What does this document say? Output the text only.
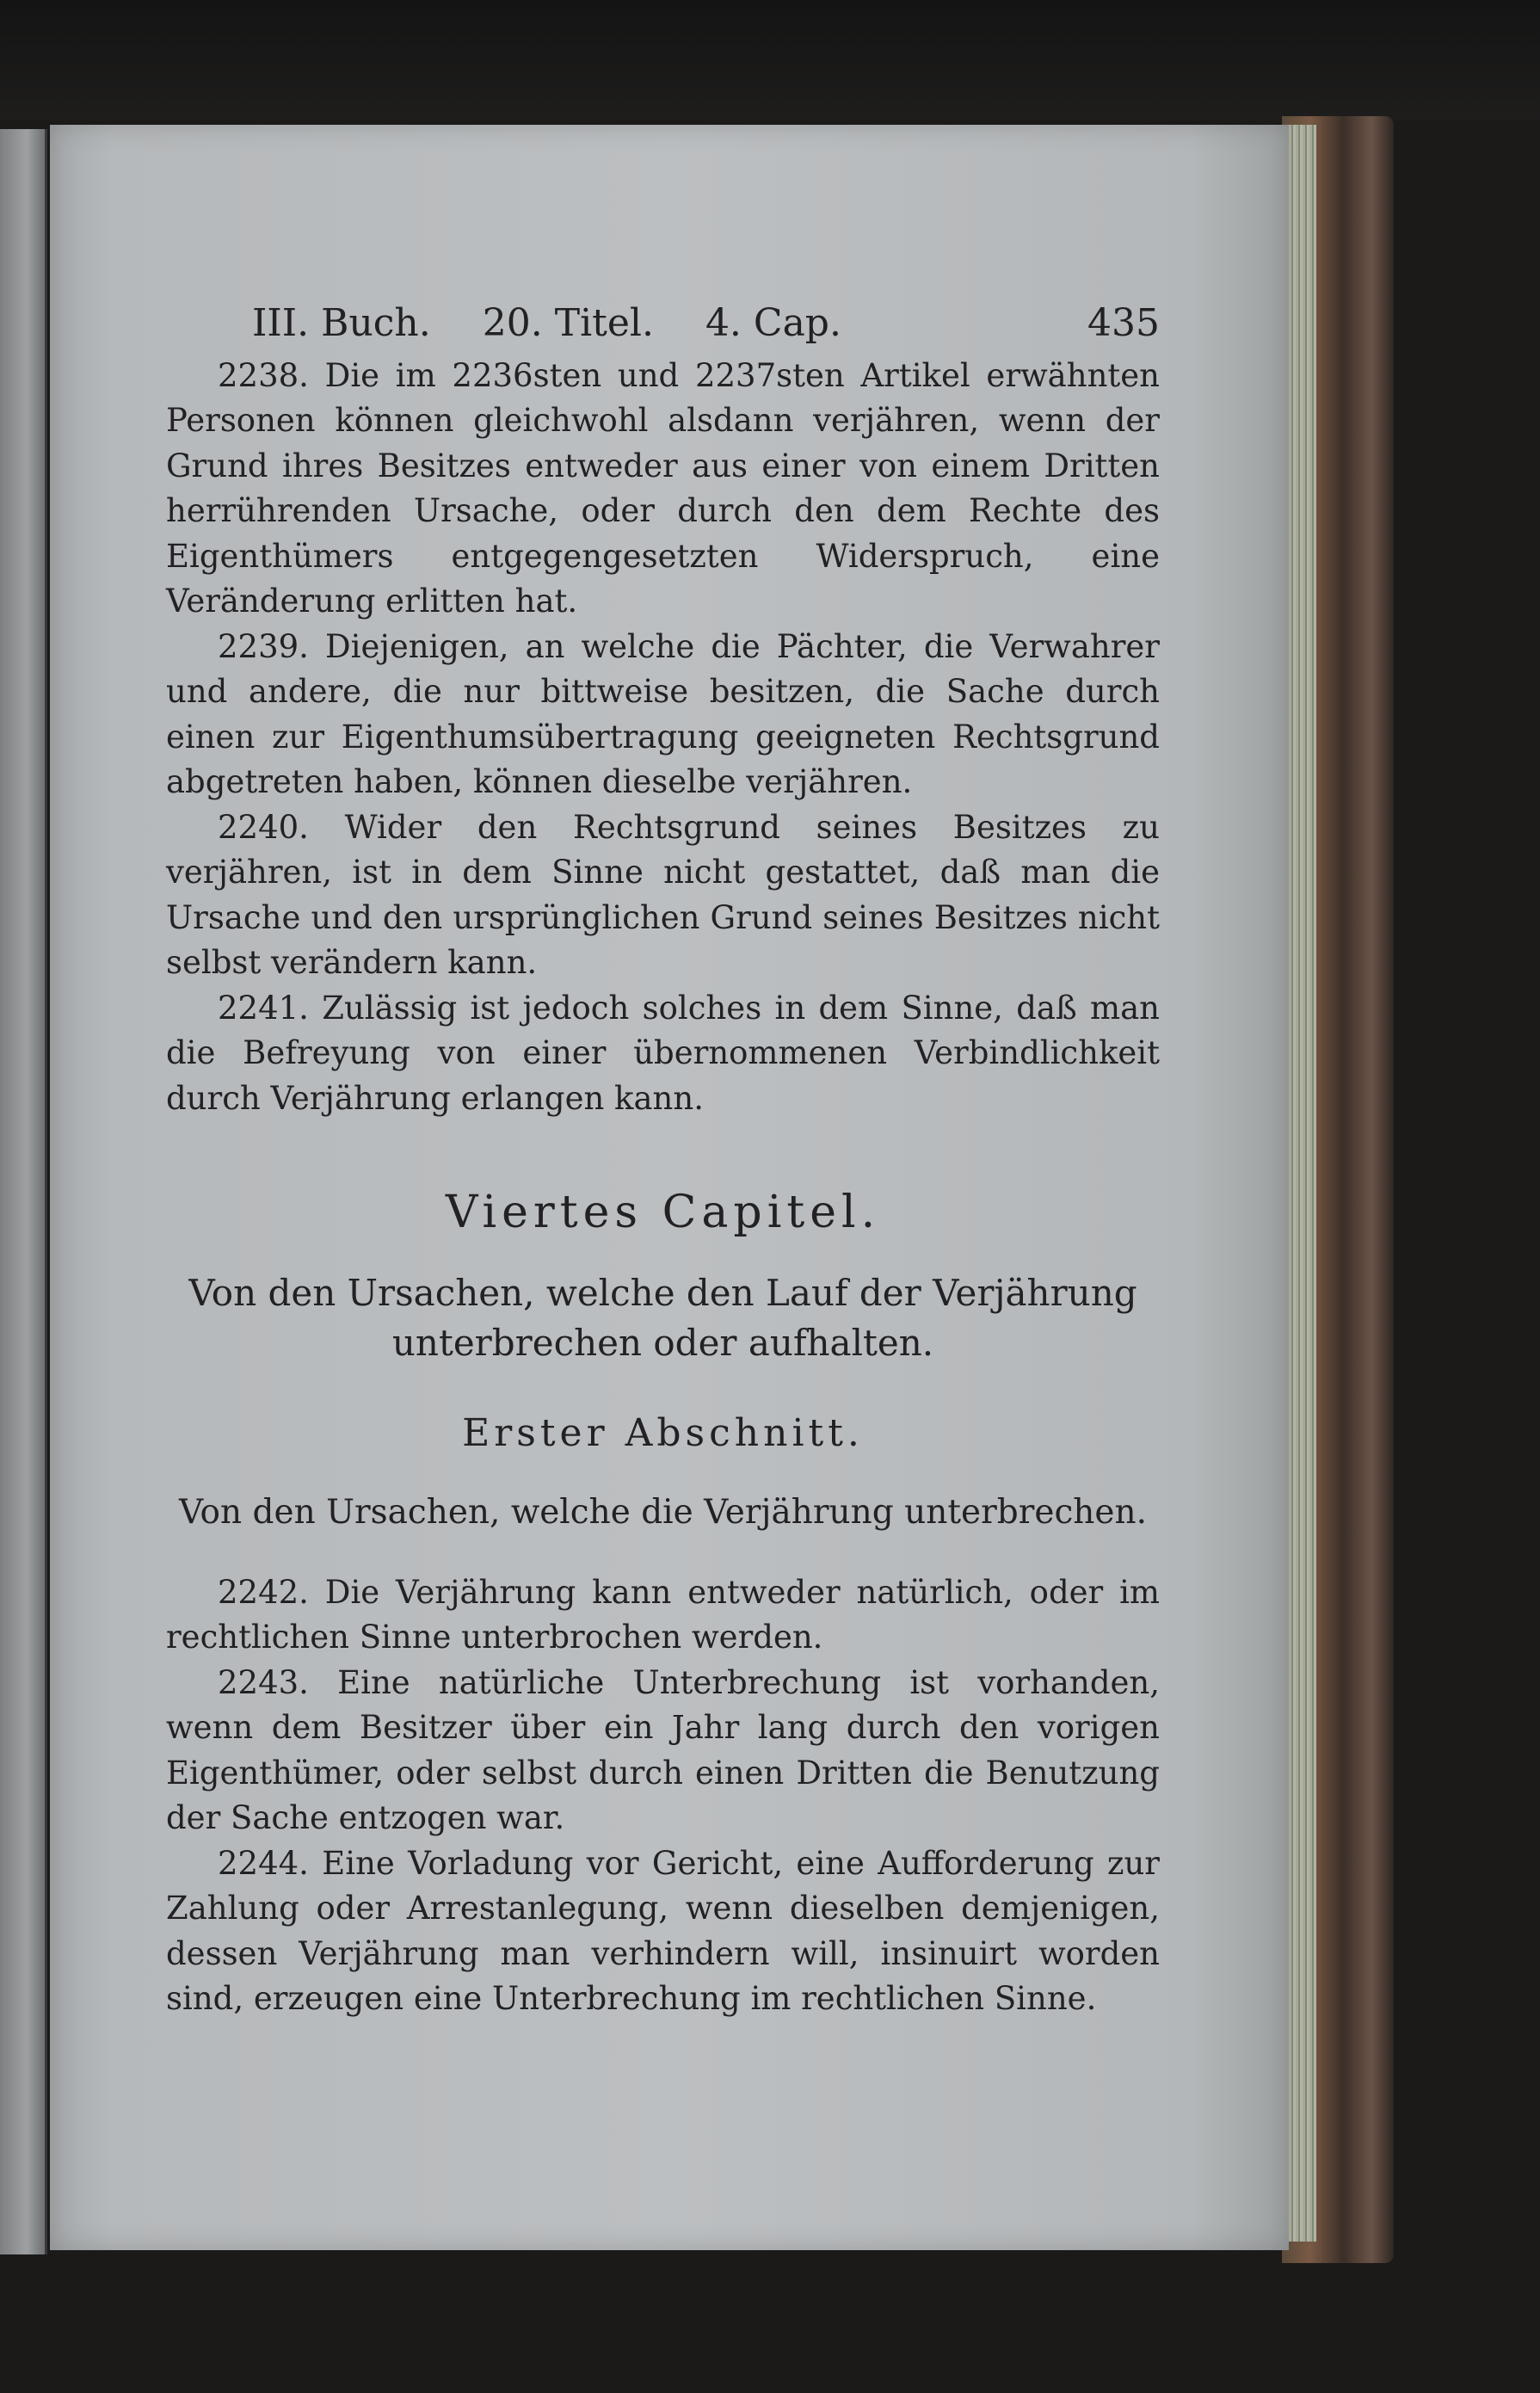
III. Buch. 20. Titel. 4. Cap.	435

2238. Die im 2236sten und 2237sten Artikel erwähnten Personen können gleichwohl alsdann verjähren, wenn der Grund ihres Besitzes entweder aus einer von einem Dritten herrührenden Ursache, oder durch den dem Rechte des Eigenthümers entgegengesetzten Widerspruch, eine Veränderung erlitten hat.

2239. Diejenigen, an welche die Pächter, die Verwahrer und andere, die nur bittweise besitzen, die Sache durch einen zur Eigenthumsübertragung geeigneten Rechtsgrund abgetreten haben, können dieselbe verjähren.

2240. Wider den Rechtsgrund seines Besitzes zu verjähren, ist in dem Sinne nicht gestattet, daß man die Ursache und den ursprünglichen Grund seines Besitzes nicht selbst verändern kann.

2241. Zulässig ist jedoch solches in dem Sinne, daß man die Befreyung von einer übernommenen Verbindlichkeit durch Verjährung erlangen kann.

Viertes Capitel.
Von den Ursachen, welche den Lauf der Verjährung
unterbrechen oder aufhalten.
Erster Abschnitt.
Von den Ursachen, welche die Verjährung unterbrechen.

2242. Die Verjährung kann entweder natürlich, oder im rechtlichen Sinne unterbrochen werden.

2243. Eine natürliche Unterbrechung ist vorhanden, wenn dem Besitzer über ein Jahr lang durch den vorigen Eigenthümer, oder selbst durch einen Dritten die Benutzung der Sache entzogen war.

2244. Eine Vorladung vor Gericht, eine Aufforderung zur Zahlung oder Arrestanlegung, wenn dieselben demjenigen, dessen Verjährung man verhindern will, insinuirt worden sind, erzeugen eine Unterbrechung im rechtlichen Sinne.
